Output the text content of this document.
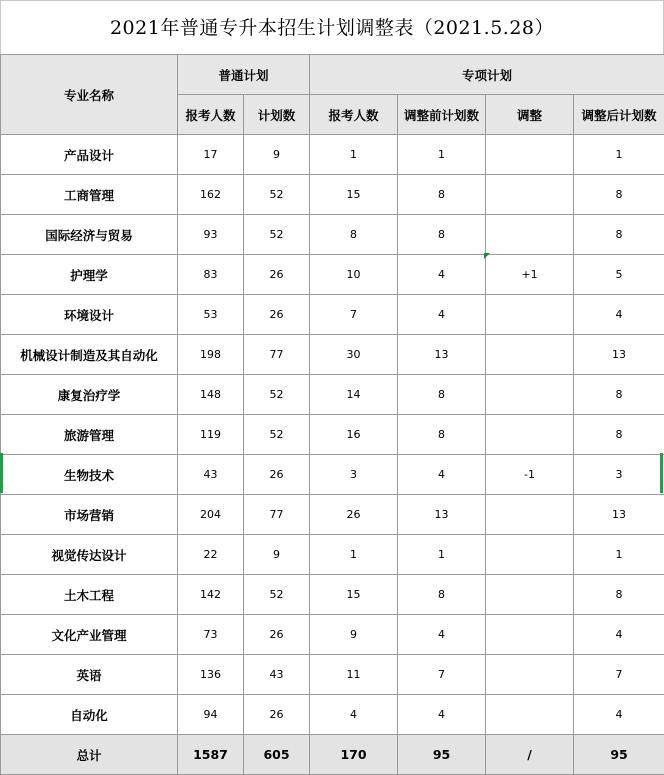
2021年普通专升本招生计划调整表（2021.5.28）
专业名称	普通计划		专项计划			
	报考人数	计划数	报考人数	调整前计划数	调整	调整后计划数
产品设计	17	9	1	1		1
工商管理	162	52	15	8		8
国际经济与贸易	93	52	8	8		8
护理学	83	26	10	4	+1	5
环境设计	53	26	7	4		4
机械设计制造及其自动化	198	77	30	13		13
康复治疗学	148	52	14	8		8
旅游管理	119	52	16	8		8
生物技术	43	26	3	4	-1	3
市场营销	204	77	26	13		13
视觉传达设计	22	9	1	1		1
土木工程	142	52	15	8		8
文化产业管理	73	26	9	4		4
英语	136	43	11	7		7
自动化	94	26	4	4		4
总计	1587	605	170	95	/	95
